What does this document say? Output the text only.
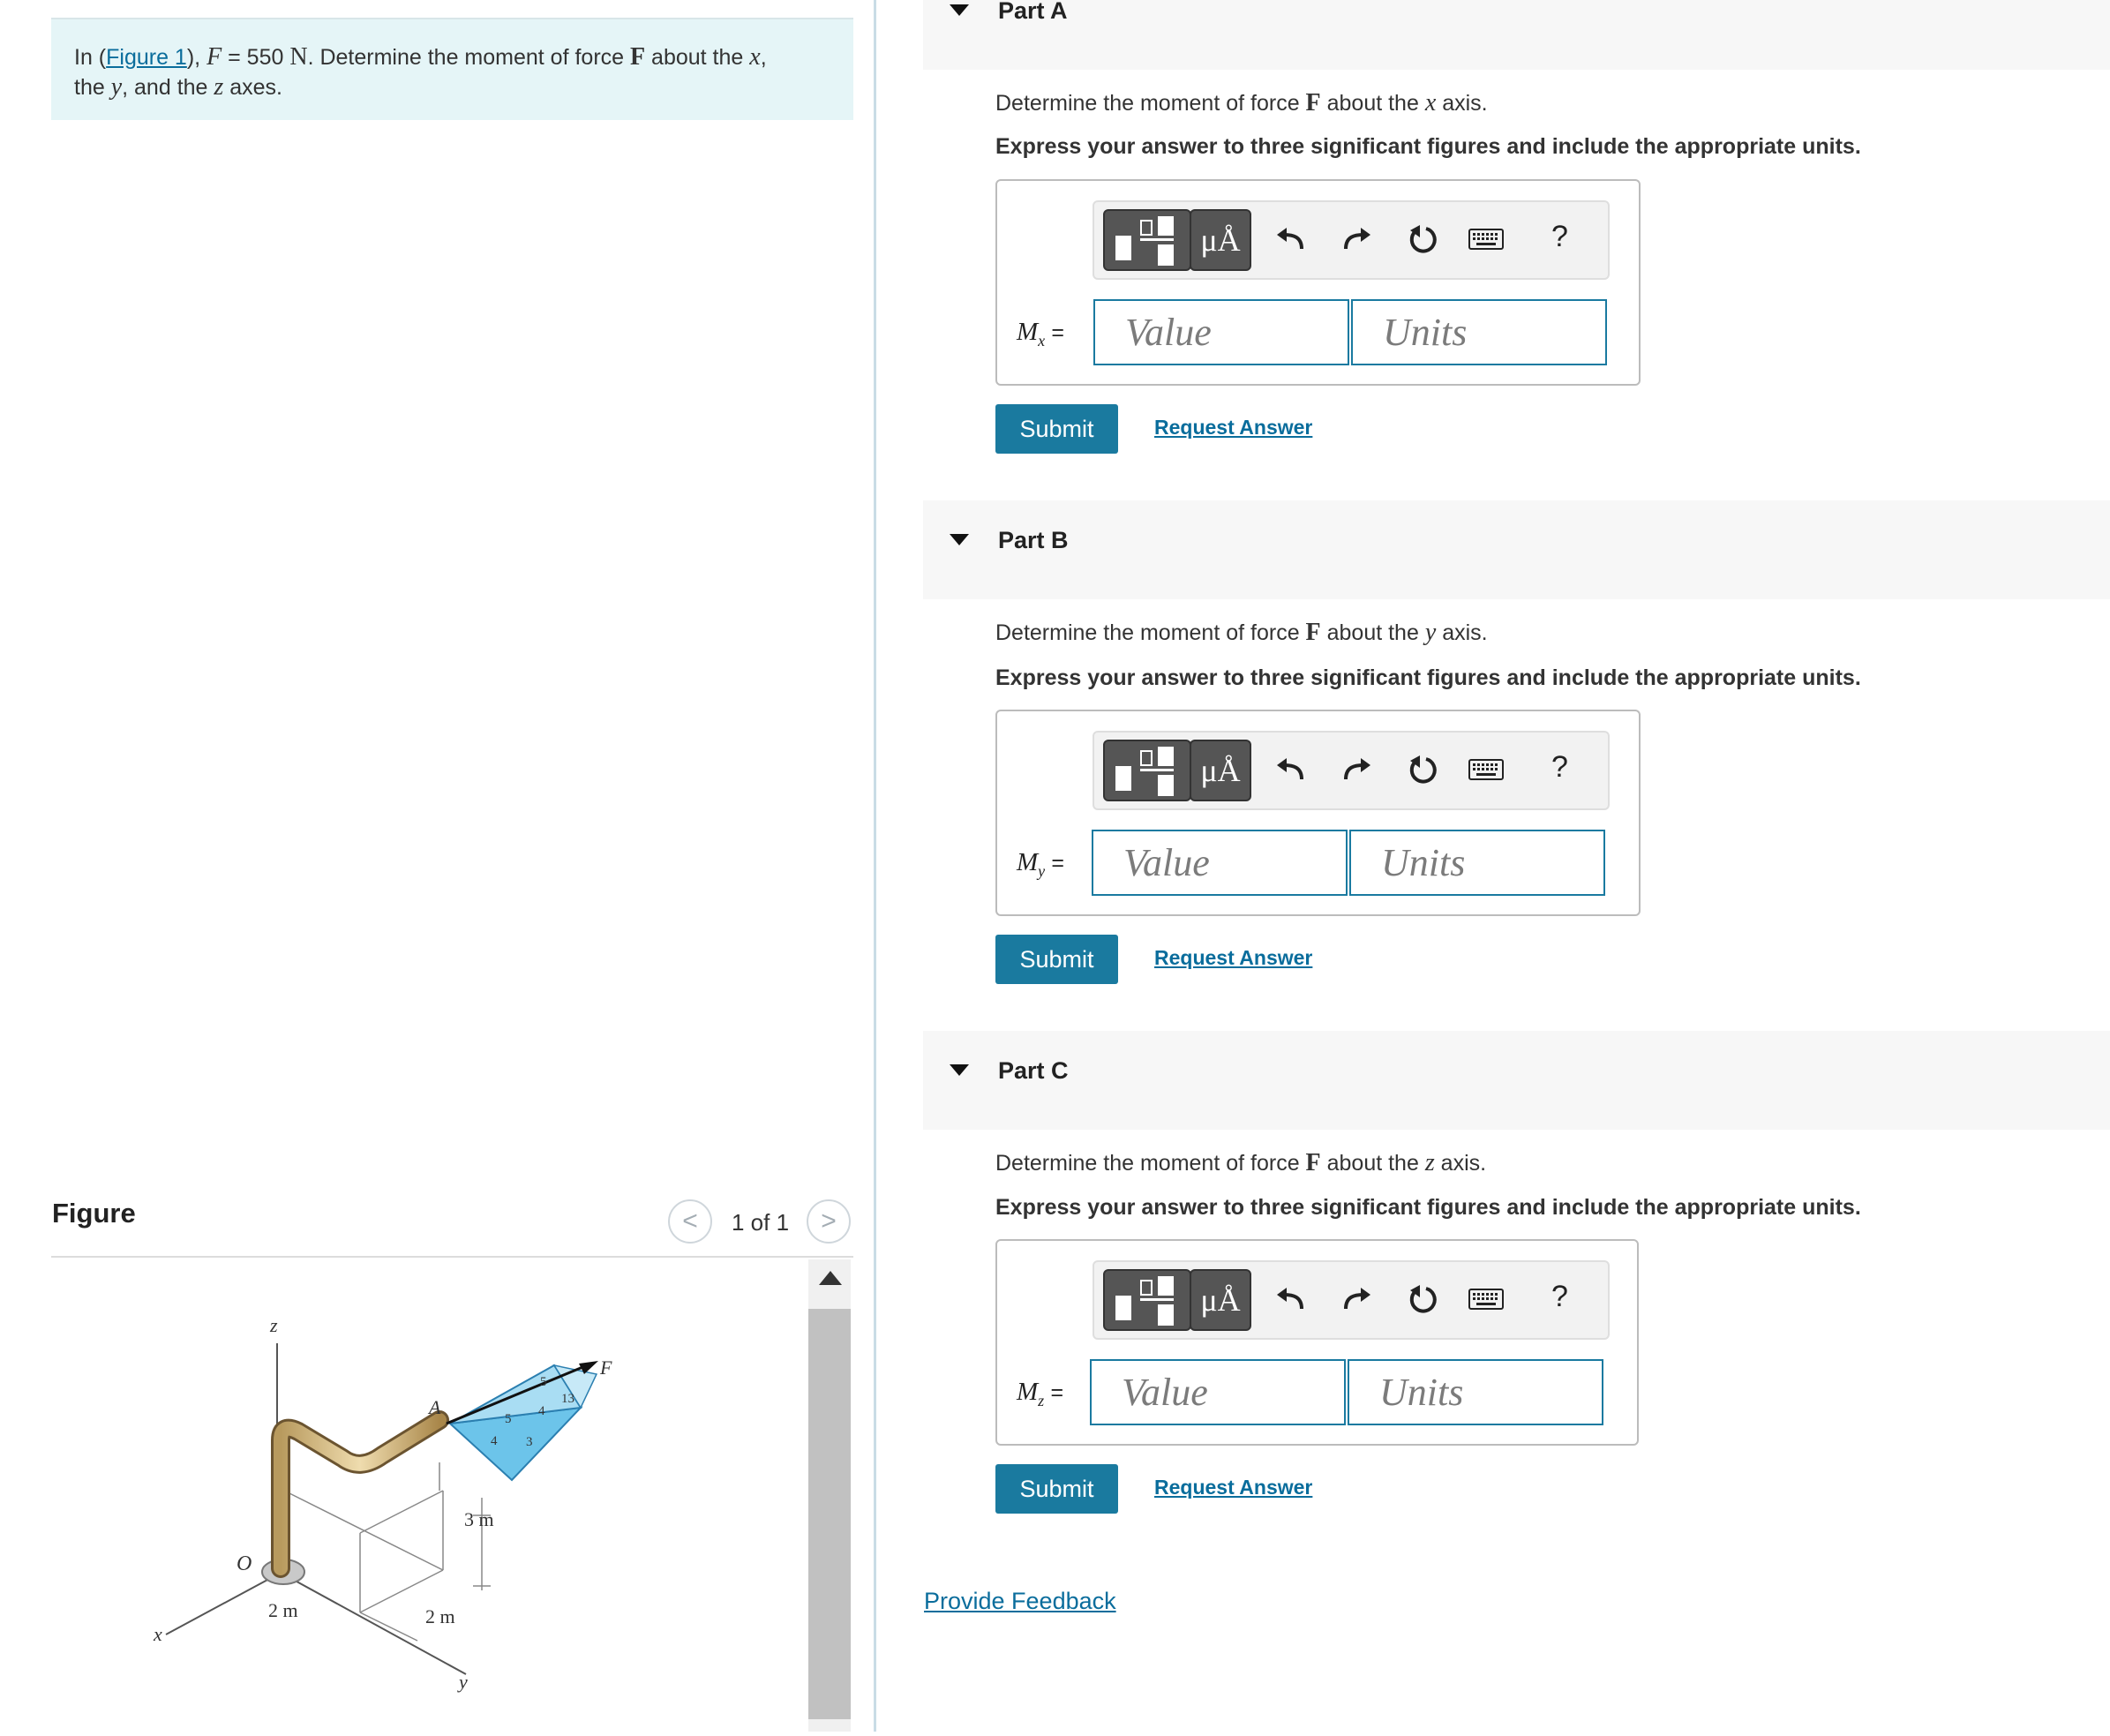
In (Figure 1), F = 550 N. Determine the moment of force F about the x,
the y, and the z axes.
Figure	< 1 of 1 >
z
A
F
O
x
y
3 m
2 m	2 m
5
4
13
5
4 3
Part A
Determine the moment of force F about the x axis.
Express your answer to three significant figures and include the appropriate units.
μÅ	?
$M_x$ =
Value
Units
Submit	Request Answer
Part B
Determine the moment of force F about the y axis.
Express your answer to three significant figures and include the appropriate units.
μÅ	?
$M_y$ =
Value
Units
Submit	Request Answer
Part C
Determine the moment of force F about the z axis.
Express your answer to three significant figures and include the appropriate units.
μÅ	?
$M_z$ =
Value
Units
Submit	Request Answer
Provide Feedback
